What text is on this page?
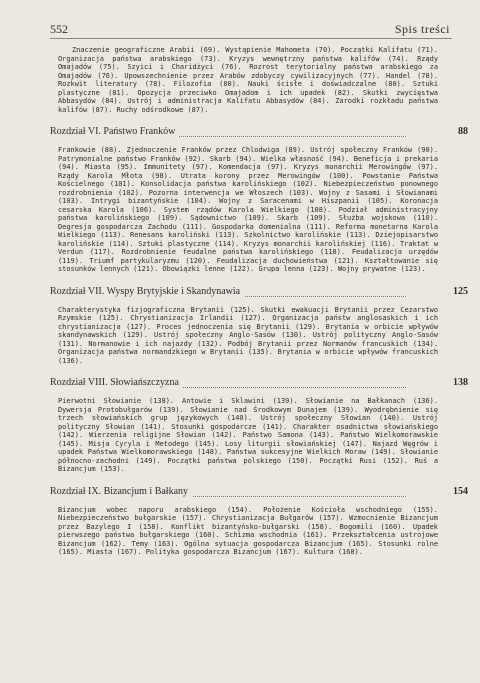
552	Spis treści

Znaczenie geograficzne Arabii (69). Wystąpienie Mahometa (70). Początki Kalifatu (71). Organizacja państwa arabskiego (73). Kryzys wewnętrzny państwa kalifów (74). Rządy Omajadów (75). Szyici i Charidżyci (76). Rozrost terytorialny państwa arabskiego za Omajadów (76). Upowszechnienie przez Arabów zdobyczy cywilizacyjnych (77). Handel (78). Rozkwit literatury (78). Filozofia (80). Nauki ścisłe i doświadczalne (80). Sztuki plastyczne (81). Opozycja przeciwko Omajadom i ich upadek (82). Skutki zwycięstwa Abbasydów (84). Ustrój i administracja Kalifatu Abbasydów (84). Zarodki rozkładu państwa kalifów (87). Ruchy odśrodkowe (87).

Rozdział VI. Państwo Franków	88

Frankowie (88). Zjednoczenie Franków przez Chlodwiga (89). Ustrój społeczny Franków (90). Patrymonialne państwo Franków (92). Skarb (94). Wielka własność (94). Beneficja i prekaria (94). Miasta (95). Immunitety (97). Komendacja (97). Kryzys monarchii Merowingów (97). Rządy Karola Młota (98). Utrata korony przez Merowingów (100). Powstanie Państwa Kościelnego (101). Konsolidacja państwa karolińskiego (102). Niebezpieczeństwo ponownego rozdrobnienia (102). Pozorna interwencja we Włoszech (103). Wojny z Sasami i Słowianami (103). Intrygi bizantyńskie (104). Wojny z Saracenami w Hiszpanii (105). Koronacja cesarska Karola (106). System rządów Karola Wielkiego (108). Podział administracyjny państwa karolińskiego (109). Sądownictwo (109). Skarb (109). Służba wojskowa (110). Degresja gospodarcza Zachodu (111). Gospodarka domenialna (111). Reforma monetarna Karola Wielkiego (113). Renesans karoliński (113). Szkolnictwo karolińskie (113). Dziejopisarstwo karolińskie (114). Sztuki plastyczne (114). Kryzys monarchii karolińskiej (116). Traktat w Verdun (117). Rozdrobnienie feudalne państwa karolińskiego (118). Feudalizacja urzędów (119). Triumf partykularyzmu (120). Feudalizacja duchowieństwa (121). Kształtowanie się stosunków lennych (121). Obowiązki lenne (122). Grupa lenna (123). Wojny prywatne (123).

Rozdział VII. Wyspy Brytyjskie i Skandynawia	125

Charakterystyka fizjograficzna Brytanii (125). Skutki ewakuacji Brytanii przez Cezarstwo Rzymskie (125). Chrystianizacja Irlandii (127). Organizacja państw anglosaskich i ich chrystianizacja (127). Proces jednoczenia się Brytanii (129). Brytania w orbicie wpływów skandynawskich (129). Ustrój społeczny Anglo-Sasów (130). Ustrój polityczny Anglo-Sasów (131). Normanowie i ich najazdy (132). Podbój Brytanii przez Normanów francuskich (134). Organizacja państwa normandzkiego w Brytanii (135). Brytania w orbicie wpływów francuskich (136).

Rozdział VIII. Słowiańszczyzna	138

Pierwotni Słowianie (138). Antowie i Sklawini (139). Słowianie na Bałkanach (136). Dywersja Protobułgarów (139). Słowianie nad Środkowym Dunajem (139). Wyodrębnienie się trzech słowiańskich grup językowych (140). Ustrój społeczny Słowian (140). Ustrój polityczny Słowian (141). Stosunki gospodarcze (141). Charakter osadnictwa słowiańskiego (142). Wierzenia religijne Słowian (142). Państwo Samona (143). Państwo Wielkomorawskie (145). Misja Cyryla i Metodego (145). Losy liturgii słowiańskiej (147). Najazd Węgrów i upadek Państwa Wielkomorawskiego (148). Państwa sukcesyjne Wielkich Moraw (149). Słowianie północno-zachodni (149). Początki państwa polskiego (150). Początki Rusi (152). Ruś a Bizancjum (153).

Rozdział IX. Bizancjum i Bałkany	154

Bizancjum wobec naporu arabskiego (154). Położenie Kościoła wschodniego (155). Niebezpieczeństwo bułgarskie (157). Chrystianizacja Bułgarów (157). Wzmocnienie Bizancjum przez Bazylego I (158). Konflikt bizantyńsko-bułgarski (158). Bogomili (160). Upadek pierwszego państwa bułgarskiego (160). Schizma wschodnia (161). Przekształcenia ustrojowe Bizancjum (162). Temy (163). Ogólna sytuacja gospodarcza Bizancjum (165). Stosunki rolne (165). Miasta (167). Polityka gospodarcza Bizancjum (167). Kultura (168).
